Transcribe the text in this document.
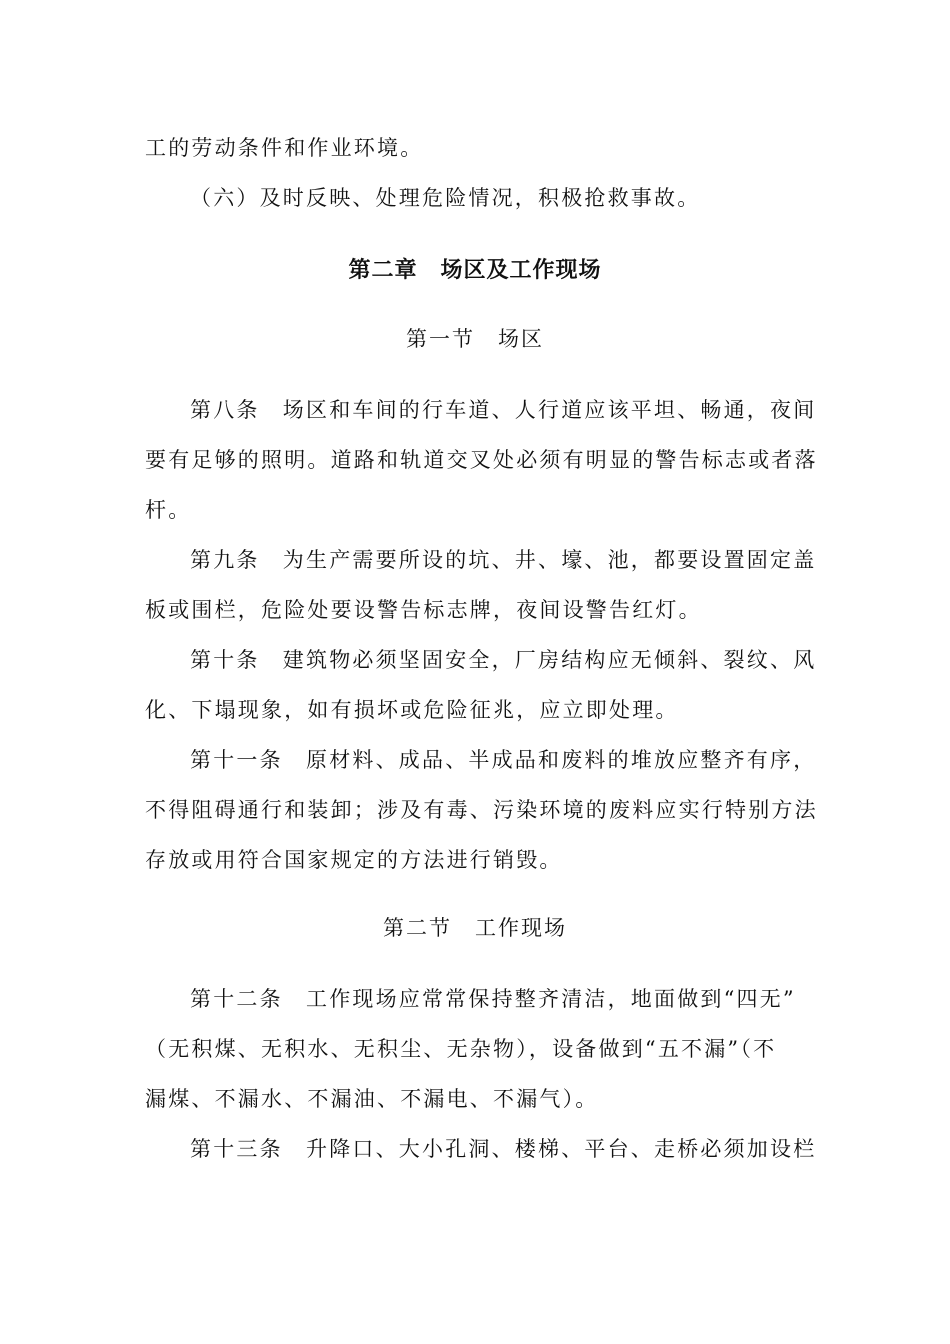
工的劳动条件和作业环境。
（六）及时反映、处理危险情况，积极抢救事故。
第二章　场区及工作现场
第一节　场区
第八条　场区和车间的行车道、人行道应该平坦、畅通，夜间
要有足够的照明。道路和轨道交叉处必须有明显的警告标志或者落
杆。
第九条　为生产需要所设的坑、井、壕、池，都要设置固定盖
板或围栏，危险处要设警告标志牌，夜间设警告红灯。
第十条　建筑物必须坚固安全，厂房结构应无倾斜、裂纹、风
化、下塌现象，如有损坏或危险征兆，应立即处理。
第十一条　原材料、成品、半成品和废料的堆放应整齐有序，
不得阻碍通行和装卸；涉及有毒、污染环境的废料应实行特别方法
存放或用符合国家规定的方法进行销毁。
第二节　工作现场
第十二条　工作现场应常常保持整齐清洁，地面做到“四无”
（无积煤、无积水、无积尘、无杂物），设备做到“五不漏”（不
漏煤、不漏水、不漏油、不漏电、不漏气）。
第十三条　升降口、大小孔洞、楼梯、平台、走桥必须加设栏
